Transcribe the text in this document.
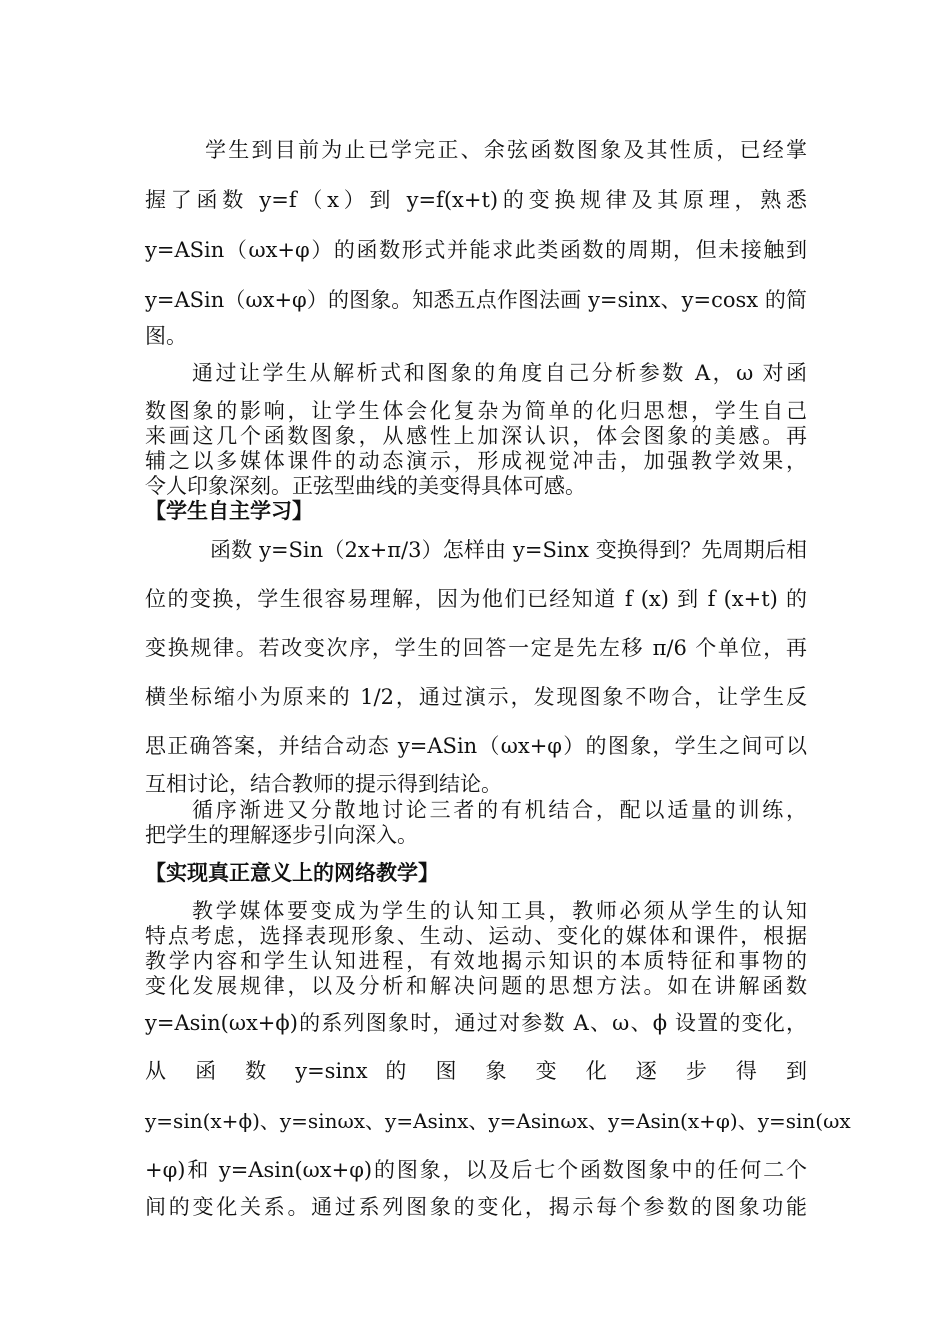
学生到目前为止已学完正、余弦函数图象及其性质，已经掌

握了函数 y=f（x）到 y=f(x+t)的变换规律及其原理，熟悉

y=ASin（ωx+φ）的函数形式并能求此类函数的周期，但未接触到

y=ASin（ωx+φ）的图象。知悉五点作图法画 y=sinx、y=cosx 的简

图。

通过让学生从解析式和图象的角度自己分析参数 A，ω 对函

数图象的影响，让学生体会化复杂为简单的化归思想，学生自己

来画这几个函数图象，从感性上加深认识，体会图象的美感。再

辅之以多媒体课件的动态演示，形成视觉冲击，加强教学效果，

令人印象深刻。正弦型曲线的美变得具体可感。

【学生自主学习】

函数 y=Sin（2x+π/3）怎样由 y=Sinx 变换得到？先周期后相

位的变换，学生很容易理解，因为他们已经知道 f (x) 到 f (x+t) 的

变换规律。若改变次序，学生的回答一定是先左移 π/6 个单位，再

横坐标缩小为原来的 1/2，通过演示，发现图象不吻合，让学生反

思正确答案，并结合动态 y=ASin（ωx+φ）的图象，学生之间可以

互相讨论，结合教师的提示得到结论。

循序渐进又分散地讨论三者的有机结合，配以适量的训练，

把学生的理解逐步引向深入。

【实现真正意义上的网络教学】

教学媒体要变成为学生的认知工具，教师必须从学生的认知

特点考虑，选择表现形象、生动、运动、变化的媒体和课件，根据

教学内容和学生认知进程，有效地揭示知识的本质特征和事物的

变化发展规律，以及分析和解决问题的思想方法。如在讲解函数

y=Asin(ωx+ϕ)的系列图象时，通过对参数 A、ω、ϕ 设置的变化，

从 函 数 y=sinx 的 图 象 变 化 逐 步 得 到

y=sin(x+ϕ)、y=sinωx、y=Asinx、y=Asinωx、y=Asin(x+φ)、y=sin(ωx

+φ)和 y=Asin(ωx+φ)的图象，以及后七个函数图象中的任何二个

间的变化关系。通过系列图象的变化，揭示每个参数的图象功能
